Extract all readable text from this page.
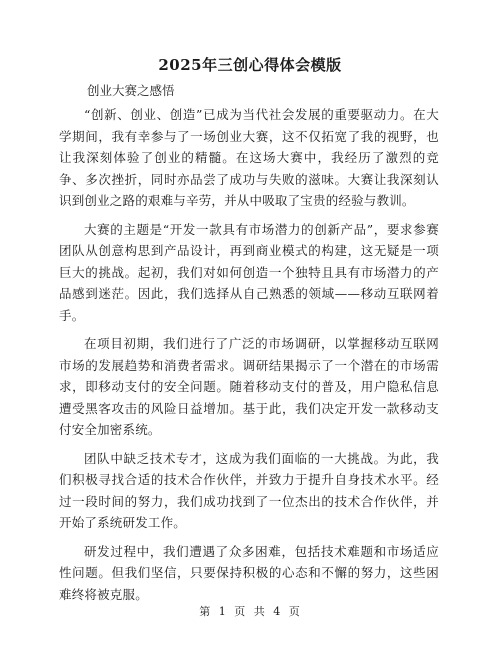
2025年三创心得体会模版

创业大赛之感悟

“创新、创业、创造”已成为当代社会发展的重要驱动力。在大学期间，我有幸参与了一场创业大赛，这不仅拓宽了我的视野，也让我深刻体验了创业的精髓。在这场大赛中，我经历了激烈的竞争、多次挫折，同时亦品尝了成功与失败的滋味。大赛让我深刻认识到创业之路的艰难与辛劳，并从中吸取了宝贵的经验与教训。

大赛的主题是“开发一款具有市场潜力的创新产品”，要求参赛团队从创意构思到产品设计，再到商业模式的构建，这无疑是一项巨大的挑战。起初，我们对如何创造一个独特且具有市场潜力的产品感到迷茫。因此，我们选择从自己熟悉的领域——移动互联网着手。

在项目初期，我们进行了广泛的市场调研，以掌握移动互联网市场的发展趋势和消费者需求。调研结果揭示了一个潜在的市场需求，即移动支付的安全问题。随着移动支付的普及，用户隐私信息遭受黑客攻击的风险日益增加。基于此，我们决定开发一款移动支付安全加密系统。

团队中缺乏技术专才，这成为我们面临的一大挑战。为此，我们积极寻找合适的技术合作伙伴，并致力于提升自身技术水平。经过一段时间的努力，我们成功找到了一位杰出的技术合作伙伴，并开始了系统研发工作。

研发过程中，我们遭遇了众多困难，包括技术难题和市场适应性问题。但我们坚信，只要保持积极的心态和不懈的努力，这些困难终将被克服。

第 1 页 共 4 页
